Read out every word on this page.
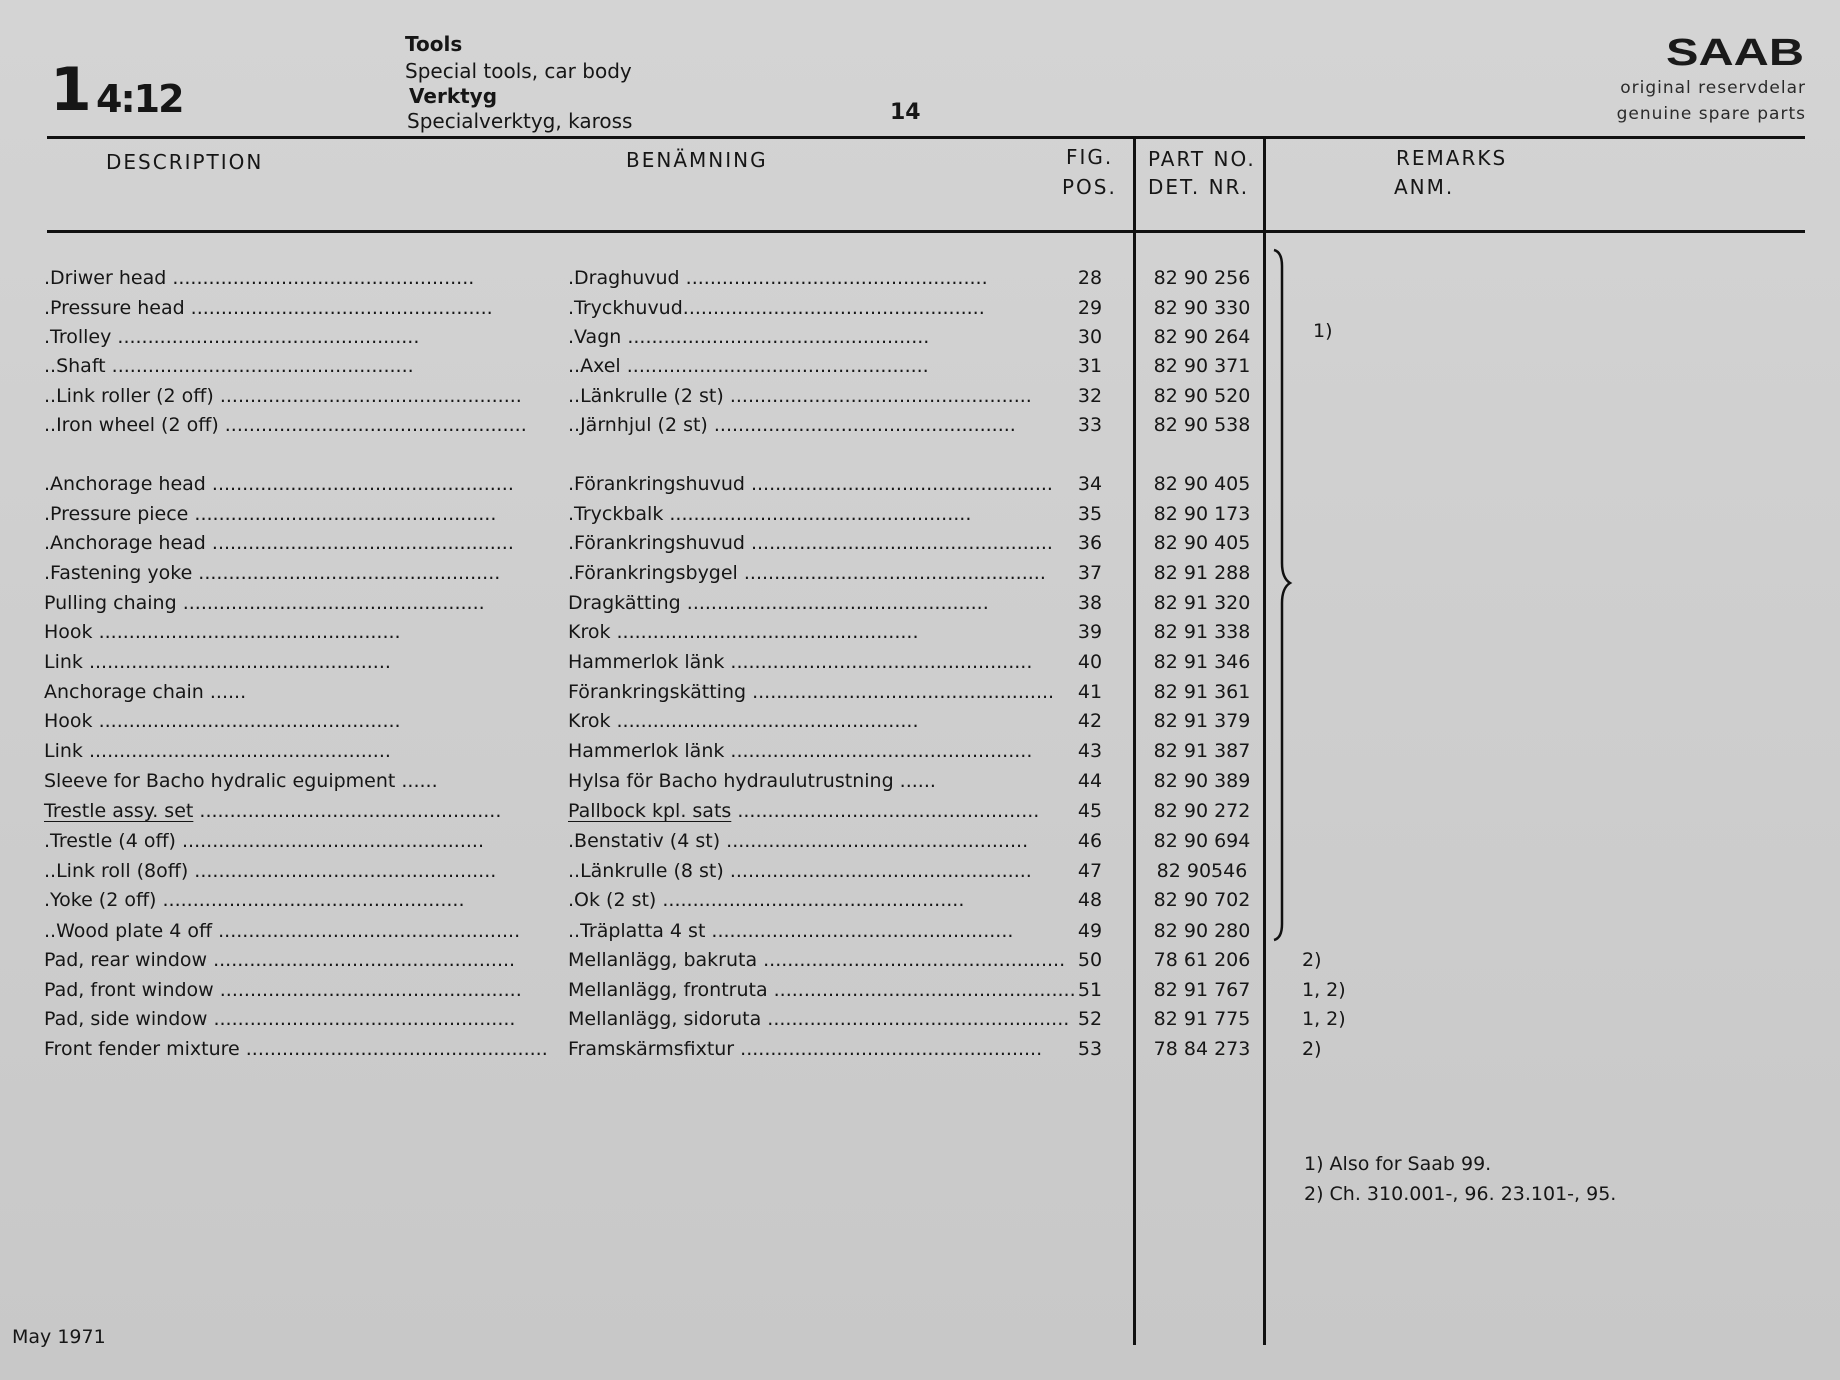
1 4:12
Tools
Special tools, car body
Verktyg
Specialverktyg, kaross	14
SAAB
original reservdelar
genuine spare parts
DESCRIPTION	BENÄMNING	FIG.
POS.
PART NO.
DET. NR.
REMARKS
ANM.
.Driwer head ..................................................	.Draghuvud ..................................................	28	82 90 256
.Pressure head ..................................................	.Tryckhuvud..................................................	29	82 90 330
.Trolley ..................................................	.Vagn ..................................................	30	82 90 264
..Shaft ..................................................	..Axel ..................................................	31	82 90 371
..Link roller (2 off) .................................................. ..Länkrulle (2 st) ..................................................	32	82 90 520
..Iron wheel (2 off) .................................................. ..Järnhjul (2 st) ..................................................	33	82 90 538
.Anchorage head ..................................................	.Förankringshuvud ..................................................	34	82 90 405
.Pressure piece ..................................................	.Tryckbalk ..................................................	35	82 90 173
.Anchorage head ..................................................	.Förankringshuvud ..................................................	36	82 90 405
.Fastening yoke ..................................................	.Förankringsbygel ..................................................	37	82 91 288
Pulling chaing ..................................................	Dragkätting ..................................................	38	82 91 320
Hook ..................................................	Krok ..................................................	39	82 91 338
Link ..................................................	Hammerlok länk ..................................................	40	82 91 346
Anchorage chain ......	Förankringskätting ..................................................	41	82 91 361
Hook ..................................................	Krok ..................................................	42	82 91 379
Link ..................................................	Hammerlok länk ..................................................	43	82 91 387
Sleeve for Bacho hydralic eguipment ......	Hylsa för Bacho hydraulutrustning ......	44	82 90 389
Trestle assy. set ..................................................	Pallbock kpl. sats ..................................................	45	82 90 272
.Trestle (4 off) ..................................................	.Benstativ (4 st) ..................................................	46	82 90 694
..Link roll (8off) ..................................................	..Länkrulle (8 st) ..................................................	47	82 90546
.Yoke (2 off) ..................................................	.Ok (2 st) ..................................................	48	82 90 702
..Wood plate 4 off ..................................................	..Träplatta 4 st ..................................................	49	82 90 280
Pad, rear window ..................................................	Mellanlägg, bakruta .................................................. 50	78 61 206	2)
Pad, front window .................................................. Mellanlägg, frontruta .................................................. 51	82 91 767	1, 2)
Pad, side window ..................................................	Mellanlägg, sidoruta .................................................. 52	82 91 775	1, 2)
Front fender mixture .................................................. Framskärmsfixtur ..................................................	53	78 84 273	2)
1)
1) Also for Saab 99.
2) Ch. 310.001-, 96. 23.101-, 95.
May 1971
